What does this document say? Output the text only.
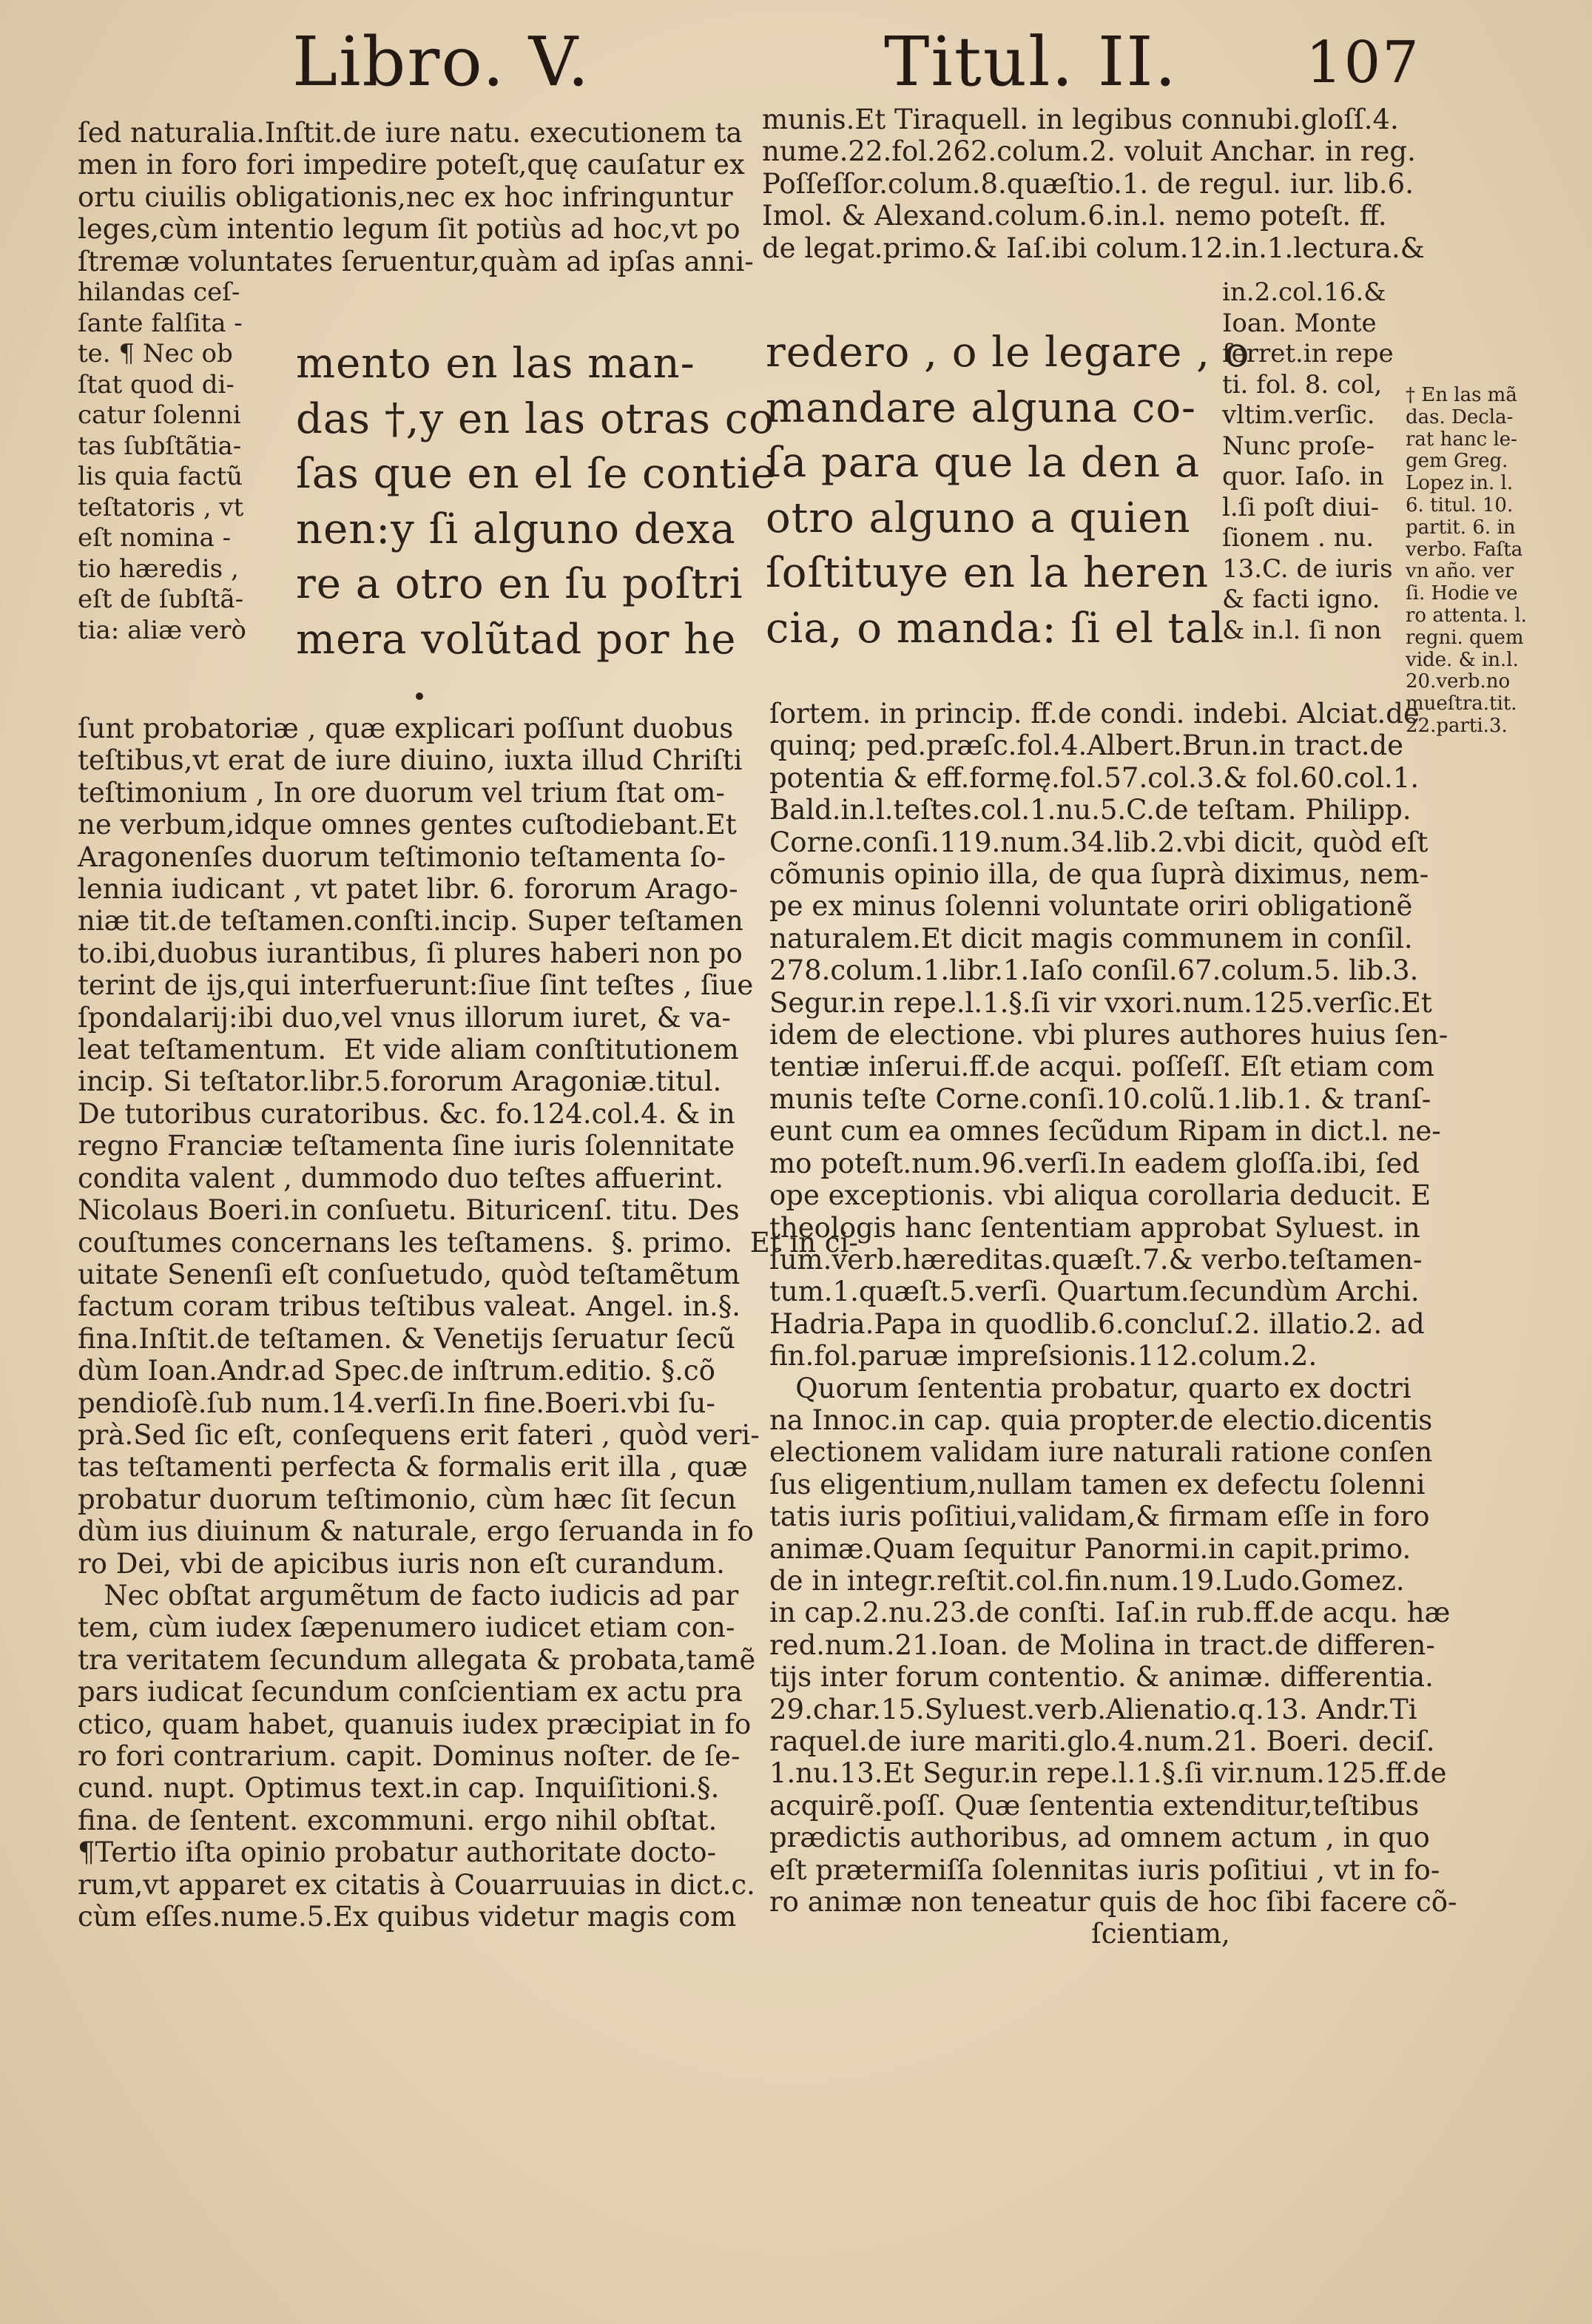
Libro. V.	Titul. II. 107
ſed naturalia.Inſtit.de iure natu. executionem ta
men in foro fori impedire poteſt,quę cauſatur ex
ortu ciuilis obligationis,nec ex hoc infringuntur
leges,cùm intentio legum ſit potiùs ad hoc,vt po
ſtremæ voluntates ſeruentur,quàm ad ipſas anni-
hilandas ceſ-
ſante falſita -
te. ¶ Nec ob
ſtat quod di-
catur ſolenni
tas ſubſtãtia-
lis quia factũ
teſtatoris , vt
eſt nomina -
tio hæredis ,
eſt de ſubſtã-
tia: aliæ verò
mento en las man-
das †,y en las otras co
ſas que en el ſe contie
nen:y ſi alguno dexa
re a otro en ſu poſtri
mera volũtad por he
ſunt probatoriæ , quæ explicari poſſunt duobus
teſtibus,vt erat de iure diuino, iuxta illud Chriſti
teſtimonium , In ore duorum vel trium ſtat om-
ne verbum,idque omnes gentes cuſtodiebant.Et
Aragonenſes duorum teſtimonio teſtamenta ſo-
lennia iudicant , vt patet libr. 6. fororum Arago-
niæ tit.de teſtamen.conſti.incip. Super teſtamen
to.ibi,duobus iurantibus, ſi plures haberi non po
terint de ijs,qui interfuerunt:ſiue ſint teſtes , ſiue
ſpondalarij:ibi duo,vel vnus illorum iuret, & va-
leat teſtamentum.  Et vide aliam conſtitutionem
incip. Si teſtator.libr.5.fororum Aragoniæ.titul.
De tutoribus curatoribus. &c. fo.124.col.4. & in
regno Franciæ teſtamenta ſine iuris ſolennitate
condita valent , dummodo duo teſtes affuerint.
Nicolaus Boeri.in conſuetu. Bituricenſ. titu. Des
couſtumes concernans les teſtamens.  §. primo.  Et in ci-
uitate Senenſi eſt conſuetudo, quòd teſtamẽtum
factum coram tribus teſtibus valeat. Angel. in.§.
fina.Inſtit.de teſtamen. & Venetijs ſeruatur ſecũ
dùm Ioan.Andr.ad Spec.de inſtrum.editio. §.cõ
pendioſè.ſub num.14.verſi.In fine.Boeri.vbi ſu-
prà.Sed ſic eſt, conſequens erit fateri , quòd veri-
tas teſtamenti perfecta & formalis erit illa , quæ
probatur duorum teſtimonio, cùm hæc ſit ſecun
dùm ius diuinum & naturale, ergo ſeruanda in fo
ro Dei, vbi de apicibus iuris non eſt curandum.
Nec obſtat argumẽtum de facto iudicis ad par
tem, cùm iudex ſæpenumero iudicet etiam con-
tra veritatem ſecundum allegata & probata,tamẽ
pars iudicat ſecundum conſcientiam ex actu pra
ctico, quam habet, quanuis iudex præcipiat in fo
ro fori contrarium. capit. Dominus noſter. de ſe-
cund. nupt. Optimus text.in cap. Inquiſitioni.§.
fina. de ſentent. excommuni. ergo nihil obſtat.
¶Tertio iſta opinio probatur authoritate docto-
rum,vt apparet ex citatis à Couarruuias in dict.c.
cùm eſſes.nume.5.Ex quibus videtur magis com
munis.Et Tiraquell. in legibus connubi.gloſſ.4.
nume.22.fol.262.colum.2. voluit Anchar. in reg.
Poſſeſſor.colum.8.quæſtio.1. de regul. iur. lib.6.
Imol. & Alexand.colum.6.in.l. nemo poteſt. ff.
de legat.primo.& Iaſ.ibi colum.12.in.1.lectura.&
in.2.col.16.&
Ioan. Monte
ferret.in repe
ti. fol. 8. col,
vltim.verſic.
Nunc proſe-
quor. Iaſo. in
l.ſi poſt diui-
ſionem . nu.
13.C. de iuris
& facti igno.
& in.l. ſi non
redero , o le legare , o
mandare alguna co-
ſa para que la den a
otro alguno a quien
ſoſtituye en la heren
cia, o manda: ſi el tal
ſortem. in princip. ff.de condi. indebi. Alciat.de
quinq; ped.præſc.fol.4.Albert.Brun.in tract.de
potentia & eff.formę.fol.57.col.3.& fol.60.col.1.
Bald.in.l.teſtes.col.1.nu.5.C.de teſtam. Philipp.
Corne.conſi.119.num.34.lib.2.vbi dicit, quòd eſt
cõmunis opinio illa, de qua ſuprà diximus, nem-
pe ex minus ſolenni voluntate oriri obligationẽ
naturalem.Et dicit magis communem in conſil.
278.colum.1.libr.1.Iaſo conſil.67.colum.5. lib.3.
Segur.in repe.l.1.§.ſi vir vxori.num.125.verſic.Et
idem de electione. vbi plures authores huius ſen-
tentiæ inſerui.ff.de acqui. poſſeſſ. Eſt etiam com
munis teſte Corne.conſi.10.colũ.1.lib.1. & tranſ-
eunt cum ea omnes ſecũdum Ripam in dict.l. ne-
mo poteſt.num.96.verſi.In eadem gloſſa.ibi, ſed
ope exceptionis. vbi aliqua corollaria deducit. E
theologis hanc ſententiam approbat Syluest. in
ſum.verb.hæreditas.quæſt.7.& verbo.teſtamen-
tum.1.quæſt.5.verſi. Quartum.ſecundùm Archi.
Hadria.Papa in quodlib.6.concluſ.2. illatio.2. ad
fin.fol.paruæ impreſsionis.112.colum.2.
Quorum ſententia probatur, quarto ex doctri
na Innoc.in cap. quia propter.de electio.dicentis
electionem validam iure naturali ratione conſen
ſus eligentium,nullam tamen ex defectu ſolenni
tatis iuris poſitiui,validam,& firmam eſſe in foro
animæ.Quam ſequitur Panormi.in capit.primo.
de in integr.reſtit.col.fin.num.19.Ludo.Gomez.
in cap.2.nu.23.de conſti. Iaſ.in rub.ff.de acqu. hæ
red.num.21.Ioan. de Molina in tract.de differen-
tijs inter forum contentio. & animæ. differentia.
29.char.15.Syluest.verb.Alienatio.q.13. Andr.Ti
raquel.de iure mariti.glo.4.num.21. Boeri. deciſ.
1.nu.13.Et Segur.in repe.l.1.§.ſi vir.num.125.ff.de
acquirẽ.poſſ. Quæ ſententia extenditur,teſtibus
prædictis authoribus, ad omnem actum , in quo
eſt prætermiſſa ſolennitas iuris poſitiui , vt in fo-
ro animæ non teneatur quis de hoc ſibi facere cõ-
ſcientiam,
† En las mã
das. Decla-
rat hanc le-
gem Greg.
Lopez in. l.
6. titul. 10.
partit. 6. in
verbo. Faſta
vn año. ver
ſi. Hodie ve
ro attenta. l.
regni. quem
vide. & in.l.
20.verb.no
mueſtra.tit.
22.parti.3.
